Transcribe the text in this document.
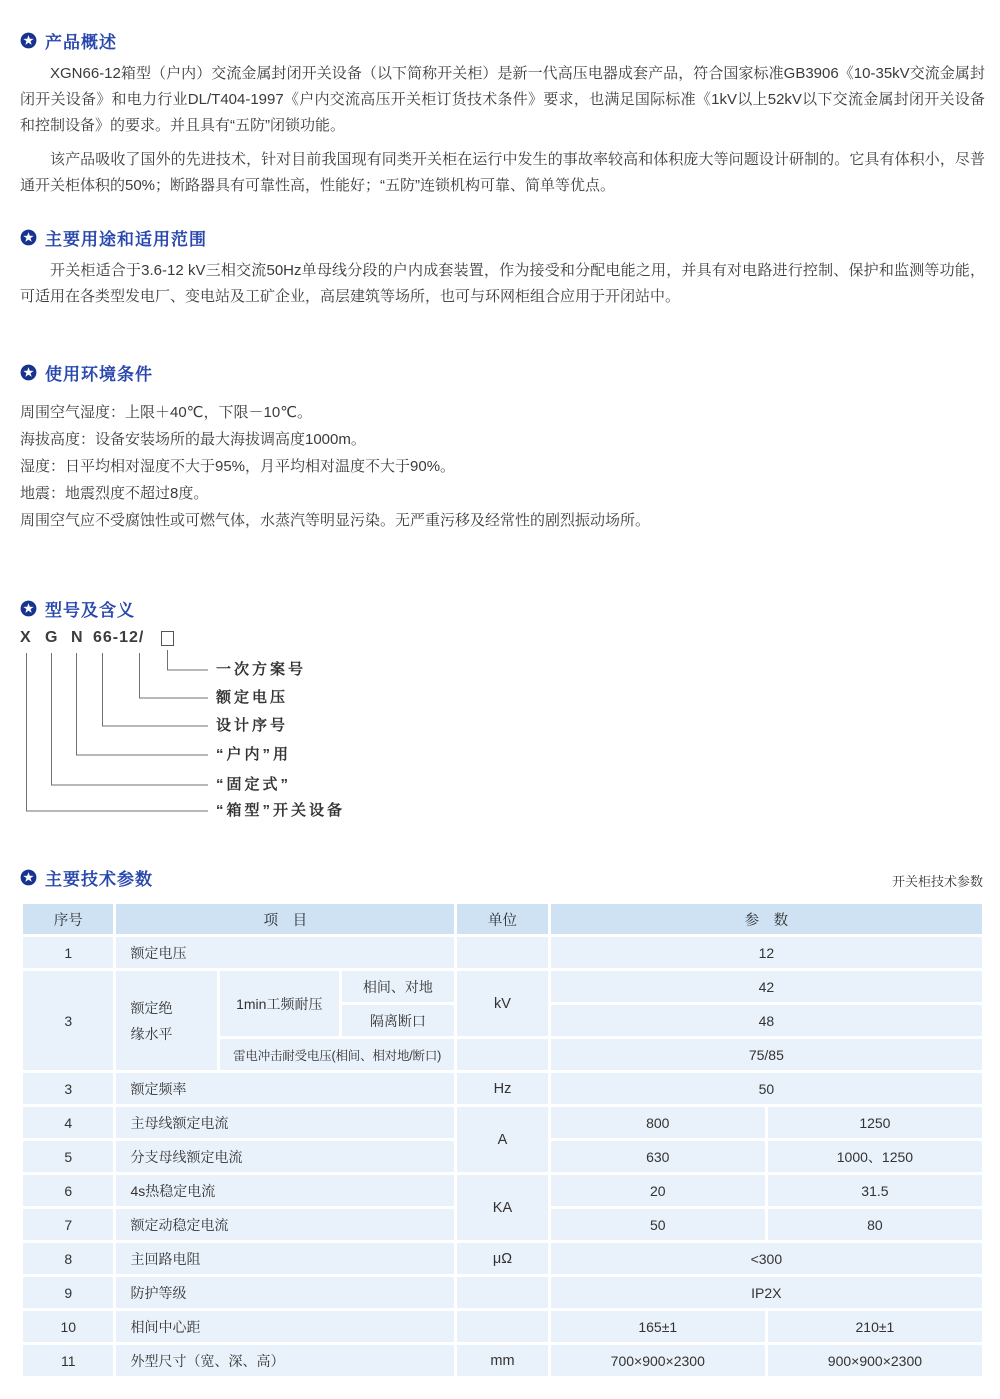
产品概述

XGN66-12箱型（户内）交流金属封闭开关设备（以下简称开关柜）是新一代高压电器成套产品，符合国家标准GB3906《10-35kV交流金属封闭开关设备》和电力行业DL/T404-1997《户内交流高压开关柜订货技术条件》要求，也满足国际标准《1kV以上52kV以下交流金属封闭开关设备和控制设备》的要求。并且具有“五防”闭锁功能。

该产品吸收了国外的先进技术，针对目前我国现有同类开关柜在运行中发生的事故率较高和体积庞大等问题设计研制的。它具有体积小，尽普通开关柜体积的50%；断路器具有可靠性高，性能好；“五防”连锁机构可靠、简单等优点。

主要用途和适用范围

开关柜适合于3.6-12 kV三相交流50Hz单母线分段的户内成套装置，作为接受和分配电能之用，并具有对电路进行控制、保护和监测等功能，可适用在各类型发电厂、变电站及工矿企业，高层建筑等场所，也可与环网柜组合应用于开闭站中。

使用环境条件
周围空气湿度：上限＋40℃，下限－10℃。
海拔高度：设备安装场所的最大海拔调高度1000m。
湿度：日平均相对湿度不大于95%，月平均相对温度不大于90%。
地震：地震烈度不超过8度。
周围空气应不受腐蚀性或可燃气体，水蒸汽等明显污染。无严重污移及经常性的剧烈振动场所。
型号及含义
X G N 66-12/
一次方案号
额定电压
设计序号
“户内”用
“固定式”
“箱型”开关设备
主要技术参数	开关柜技术参数
序号	项　目			单位	参　数	
1	额定电压				12	
3	额定绝缘水平	1min工频耐压	相间、对地	kV	42	
			隔离断口		48	
		雷电冲击耐受电压(相间、相对地/断口)			75/85	
3	额定频率			Hz	50	
4	主母线额定电流			A	800	1250
5	分支母线额定电流				630	1000、1250
6	4s热稳定电流			KA	20	31.5
7	额定动稳定电流				50	80
8	主回路电阻			μΩ	<300	
9	防护等级				IP2X	
10	相间中心距				165±1	210±1
11	外型尺寸（宽、深、高）			mm	700×900×2300	900×900×2300
